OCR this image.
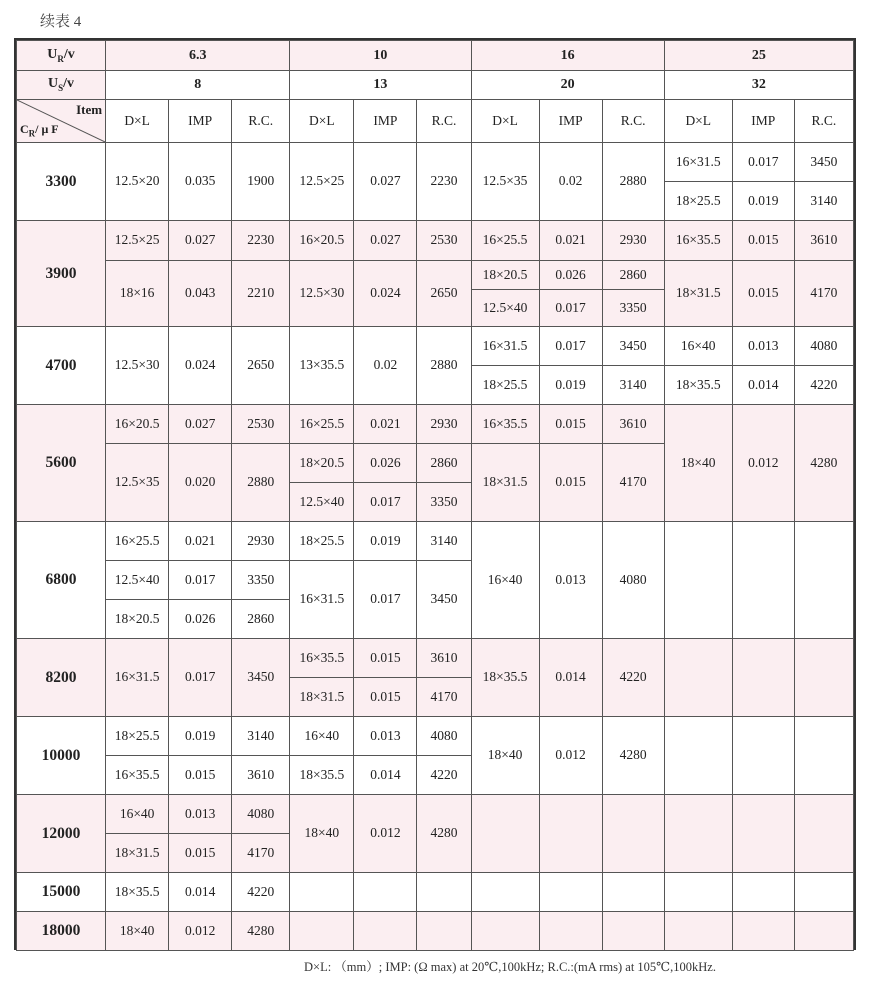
续表 4
$U_R/v$	6.3			10			16			25		
$U_S/v$	8			13			20			32		

Item
$C_R/$ μ F	D×L	IMP	R.C.	D×L	IMP	R.C.	D×L	IMP	R.C.	D×L	IMP	R.C.
3300	12.5×20	0.035	1900	12.5×25	0.027	2230	12.5×35	0.02	2880	16×31.5	0.017	3450
										18×25.5	0.019	3140
3900	12.5×25	0.027	2230	16×20.5	0.027	2530	16×25.5	0.021	2930	16×35.5	0.015	3610
	18×16	0.043	2210	12.5×30	0.024	2650	18×20.5	0.026	2860	18×31.5	0.015	4170
							12.5×40	0.017	3350			
4700	12.5×30	0.024	2650	13×35.5	0.02	2880	16×31.5	0.017	3450	16×40	0.013	4080
							18×25.5	0.019	3140	18×35.5	0.014	4220
5600	16×20.5	0.027	2530	16×25.5	0.021	2930	16×35.5	0.015	3610	18×40	0.012	4280
	12.5×35	0.020	2880	18×20.5	0.026	2860	18×31.5	0.015	4170			
				12.5×40	0.017	3350						
6800	16×25.5	0.021	2930	18×25.5	0.019	3140	16×40	0.013	4080			
	12.5×40	0.017	3350	16×31.5	0.017	3450						
	18×20.5	0.026	2860									
8200	16×31.5	0.017	3450	16×35.5	0.015	3610	18×35.5	0.014	4220			
				18×31.5	0.015	4170						
10000	18×25.5	0.019	3140	16×40	0.013	4080	18×40	0.012	4280			
	16×35.5	0.015	3610	18×35.5	0.014	4220						
12000	16×40	0.013	4080	18×40	0.012	4280						
	18×31.5	0.015	4170									
15000	18×35.5	0.014	4220									
18000	18×40	0.012	4280									
D×L: （mm）; IMP: (Ω max) at 20℃,100kHz; R.C.:(mA rms) at 105℃,100kHz.
